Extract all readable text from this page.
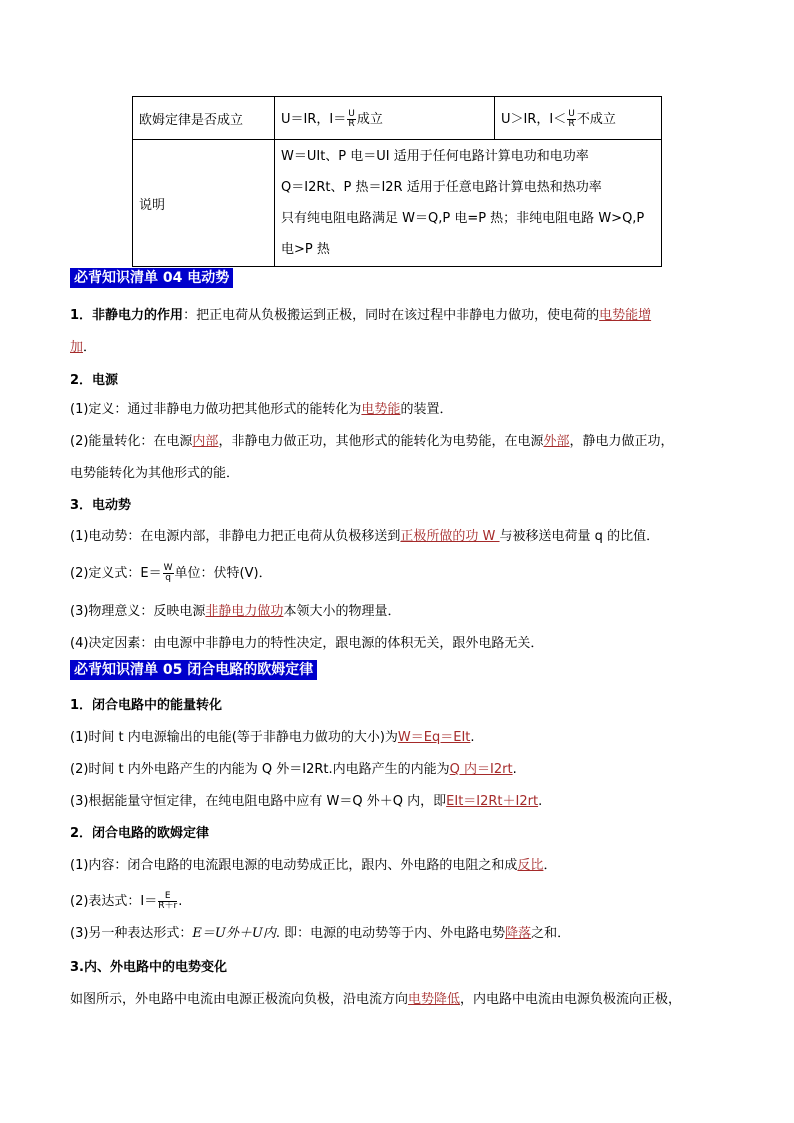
欧姆定律是否成立	U＝IR，$I= \frac{U}{R}$ 成立	U＞IR，$I< \frac{U}{R}$ 不成立
说明	W＝UIt、P 电＝UI 适用于任何电路计算电功和电功率
Q＝I2Rt、P 热＝I2R 适用于任意电路计算电热和热功率
只有纯电阻电路满足 W＝Q,P 电=P 热；非纯电阻电路 W>Q,P
电>P 热	
必背知识清单 04 电动势
1．非静电力的作用：把正电荷从负极搬运到正极，同时在该过程中非静电力做功，使电荷的电势能增
加．
2．电源
(1)定义：通过非静电力做功把其他形式的能转化为电势能的装置．
(2)能量转化：在电源内部，非静电力做正功，其他形式的能转化为电势能，在电源外部，静电力做正功，
电势能转化为其他形式的能．
3．电动势
(1)电动势：在电源内部，非静电力把正电荷从负极移送到正极所做的功 W 与被移送电荷量 q 的比值．
(2)定义式：$E= \frac{W}{q}$ 单位：伏特(V)．
(3)物理意义：反映电源非静电力做功本领大小的物理量．
(4)决定因素：由电源中非静电力的特性决定，跟电源的体积无关，跟外电路无关．
必背知识清单 05 闭合电路的欧姆定律
1．闭合电路中的能量转化
(1)时间 t 内电源输出的电能(等于非静电力做功的大小)为W＝Eq＝EIt.
(2)时间 t 内外电路产生的内能为 Q 外＝I2Rt.内电路产生的内能为Q 内＝I2rt.
(3)根据能量守恒定律，在纯电阻电路中应有 W＝Q 外＋Q 内，即EIt＝I2Rt＋I2rt.
2．闭合电路的欧姆定律
(1)内容：闭合电路的电流跟电源的电动势成正比，跟内、外电路的电阻之和成反比．
(2)表达式：$I= \frac{E}{R+r}$ .
(3)另一种表达形式：E＝U外＋U内. 即：电源的电动势等于内、外电路电势降落之和．
3.内、外电路中的电势变化
如图所示，外电路中电流由电源正极流向负极，沿电流方向电势降低，内电路中电流由电源负极流向正极，
